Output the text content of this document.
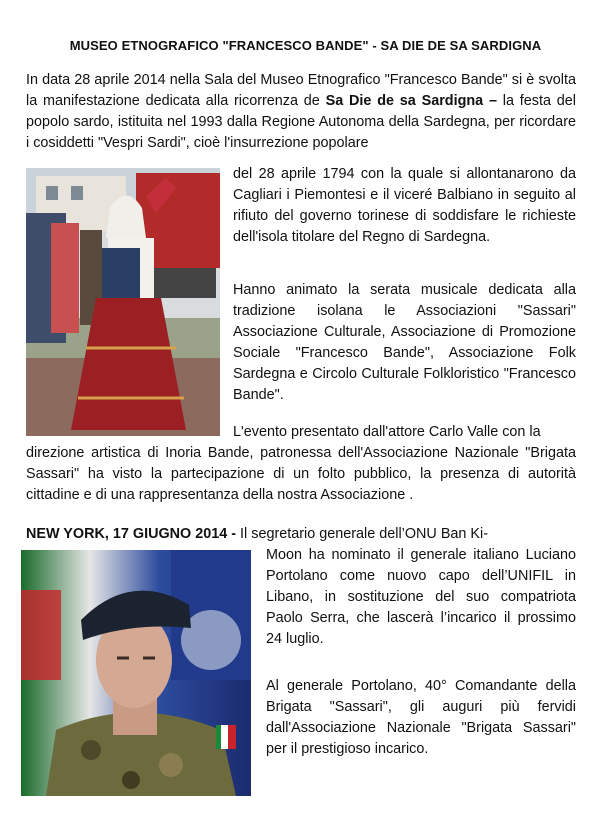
MUSEO ETNOGRAFICO "FRANCESCO BANDE" - SA DIE DE SA SARDIGNA

In data 28 aprile 2014 nella Sala del Museo Etnografico "Francesco Bande" si è svolta la manifestazione dedicata alla ricorrenza de Sa Die de sa Sardigna – la festa del popolo sardo, istituita nel 1993 dalla Regione Autonoma della Sardegna, per ricordare i cosiddetti "Vespri Sardi", cioè l'insurrezione popolare

del 28 aprile 1794 con la quale si allontanarono da Cagliari i Piemontesi e il viceré Balbiano in seguito al rifiuto del governo torinese di soddisfare le richieste dell'isola titolare del Regno di Sardegna.

Hanno animato la serata musicale dedicata alla tradizione isolana le Associazioni "Sassari" Associazione Culturale, Associazione di Promozione Sociale "Francesco Bande", Associazione Folk Sardegna e Circolo Culturale Folkloristico "Francesco Bande".

L'evento presentato dall'attore Carlo Valle con la

direzione artistica di Inoria Bande, patronessa dell'Associazione Nazionale "Brigata Sassari" ha visto la partecipazione di un folto pubblico, la presenza di autorità cittadine e di una rappresentanza della nostra Associazione .

NEW YORK, 17 GIUGNO 2014 - Il segretario generale dell’ONU Ban Ki-

Moon ha nominato il generale italiano Luciano Portolano come nuovo capo dell’UNIFIL in Libano, in sostituzione del suo compatriota Paolo Serra, che lascerà l’incarico il prossimo 24 luglio.

Al generale Portolano, 40° Comandante della Brigata "Sassari", gli auguri più fervidi dall'Associazione Nazionale "Brigata Sassari" per il prestigioso incarico.
